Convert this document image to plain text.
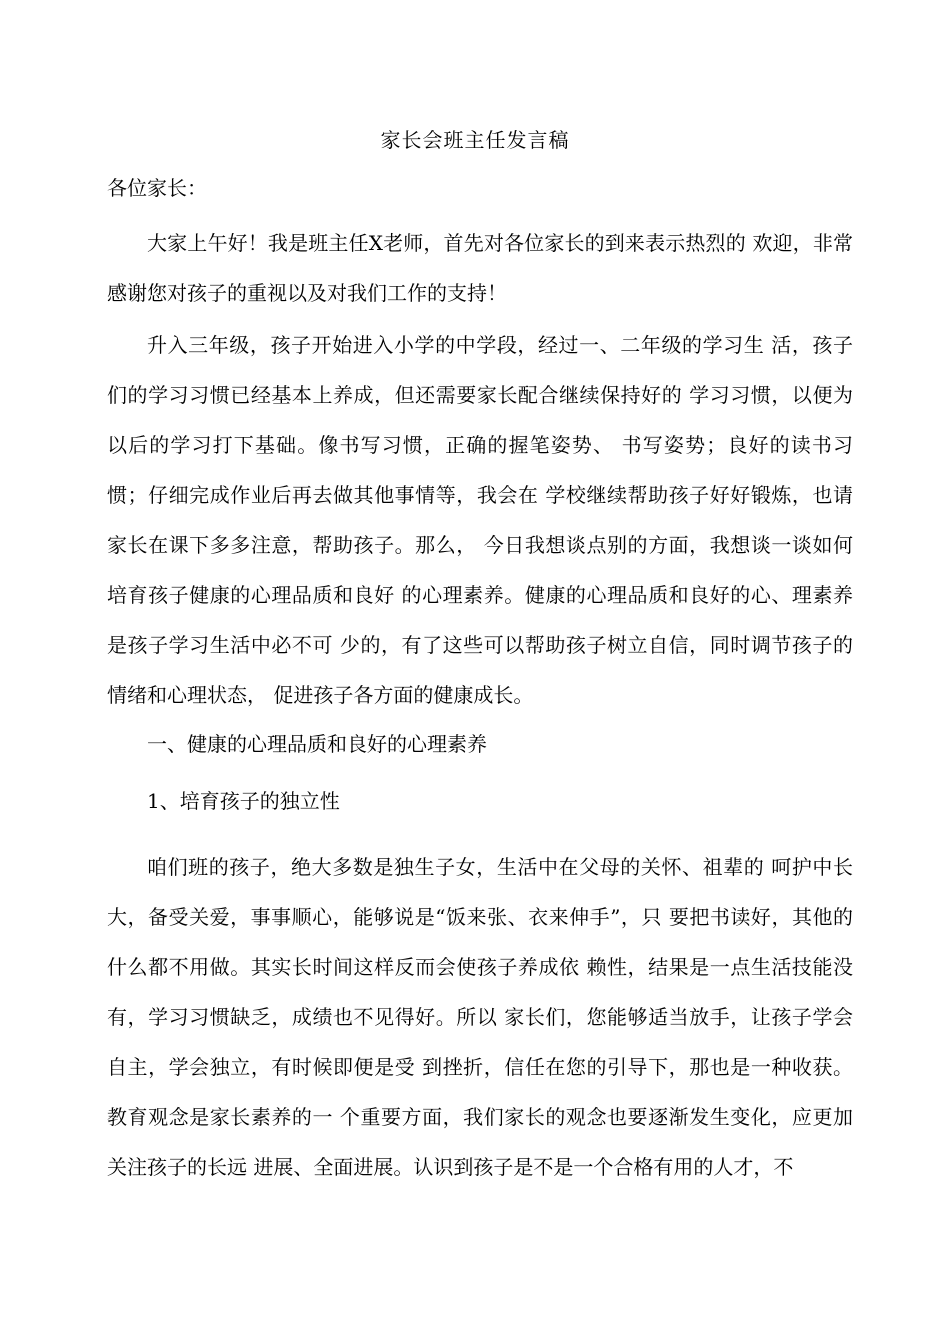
家长会班主任发言稿
各位家长：

大家上午好！我是班主任X老师，首先对各位家长的到来表示热烈的 欢迎，非常感谢您对孩子的重视以及对我们工作的支持！

升入三年级，孩子开始进入小学的中学段，经过一、二年级的学习生 活，孩子们的学习习惯已经基本上养成，但还需要家长配合继续保持好的 学习习惯，以便为以后的学习打下基础。像书写习惯，正确的握笔姿势、 书写姿势；良好的读书习惯；仔细完成作业后再去做其他事情等，我会在 学校继续帮助孩子好好锻炼，也请家长在课下多多注意，帮助孩子。那么， 今日我想谈点别的方面，我想谈一谈如何培育孩子健康的心理品质和良好 的心理素养。健康的心理品质和良好的心、理素养是孩子学习生活中必不可 少的，有了这些可以帮助孩子树立自信，同时调节孩子的情绪和心理状态， 促进孩子各方面的健康成长。

一、健康的心理品质和良好的心理素养
1、培育孩子的独立性

咱们班的孩子，绝大多数是独生子女，生活中在父母的关怀、祖辈的 呵护中长大，备受关爱，事事顺心，能够说是“饭来张、衣来伸手”，只 要把书读好，其他的什么都不用做。其实长时间这样反而会使孩子养成依 赖性，结果是一点生活技能没有，学习习惯缺乏，成绩也不见得好。所以 家长们，您能够适当放手，让孩子学会自主，学会独立，有时候即便是受 到挫折，信任在您的引导下，那也是一种收获。教育观念是家长素养的一 个重要方面，我们家长的观念也要逐渐发生变化，应更加关注孩子的长远 进展、全面进展。认识到孩子是不是一个合格有用的人才，不
